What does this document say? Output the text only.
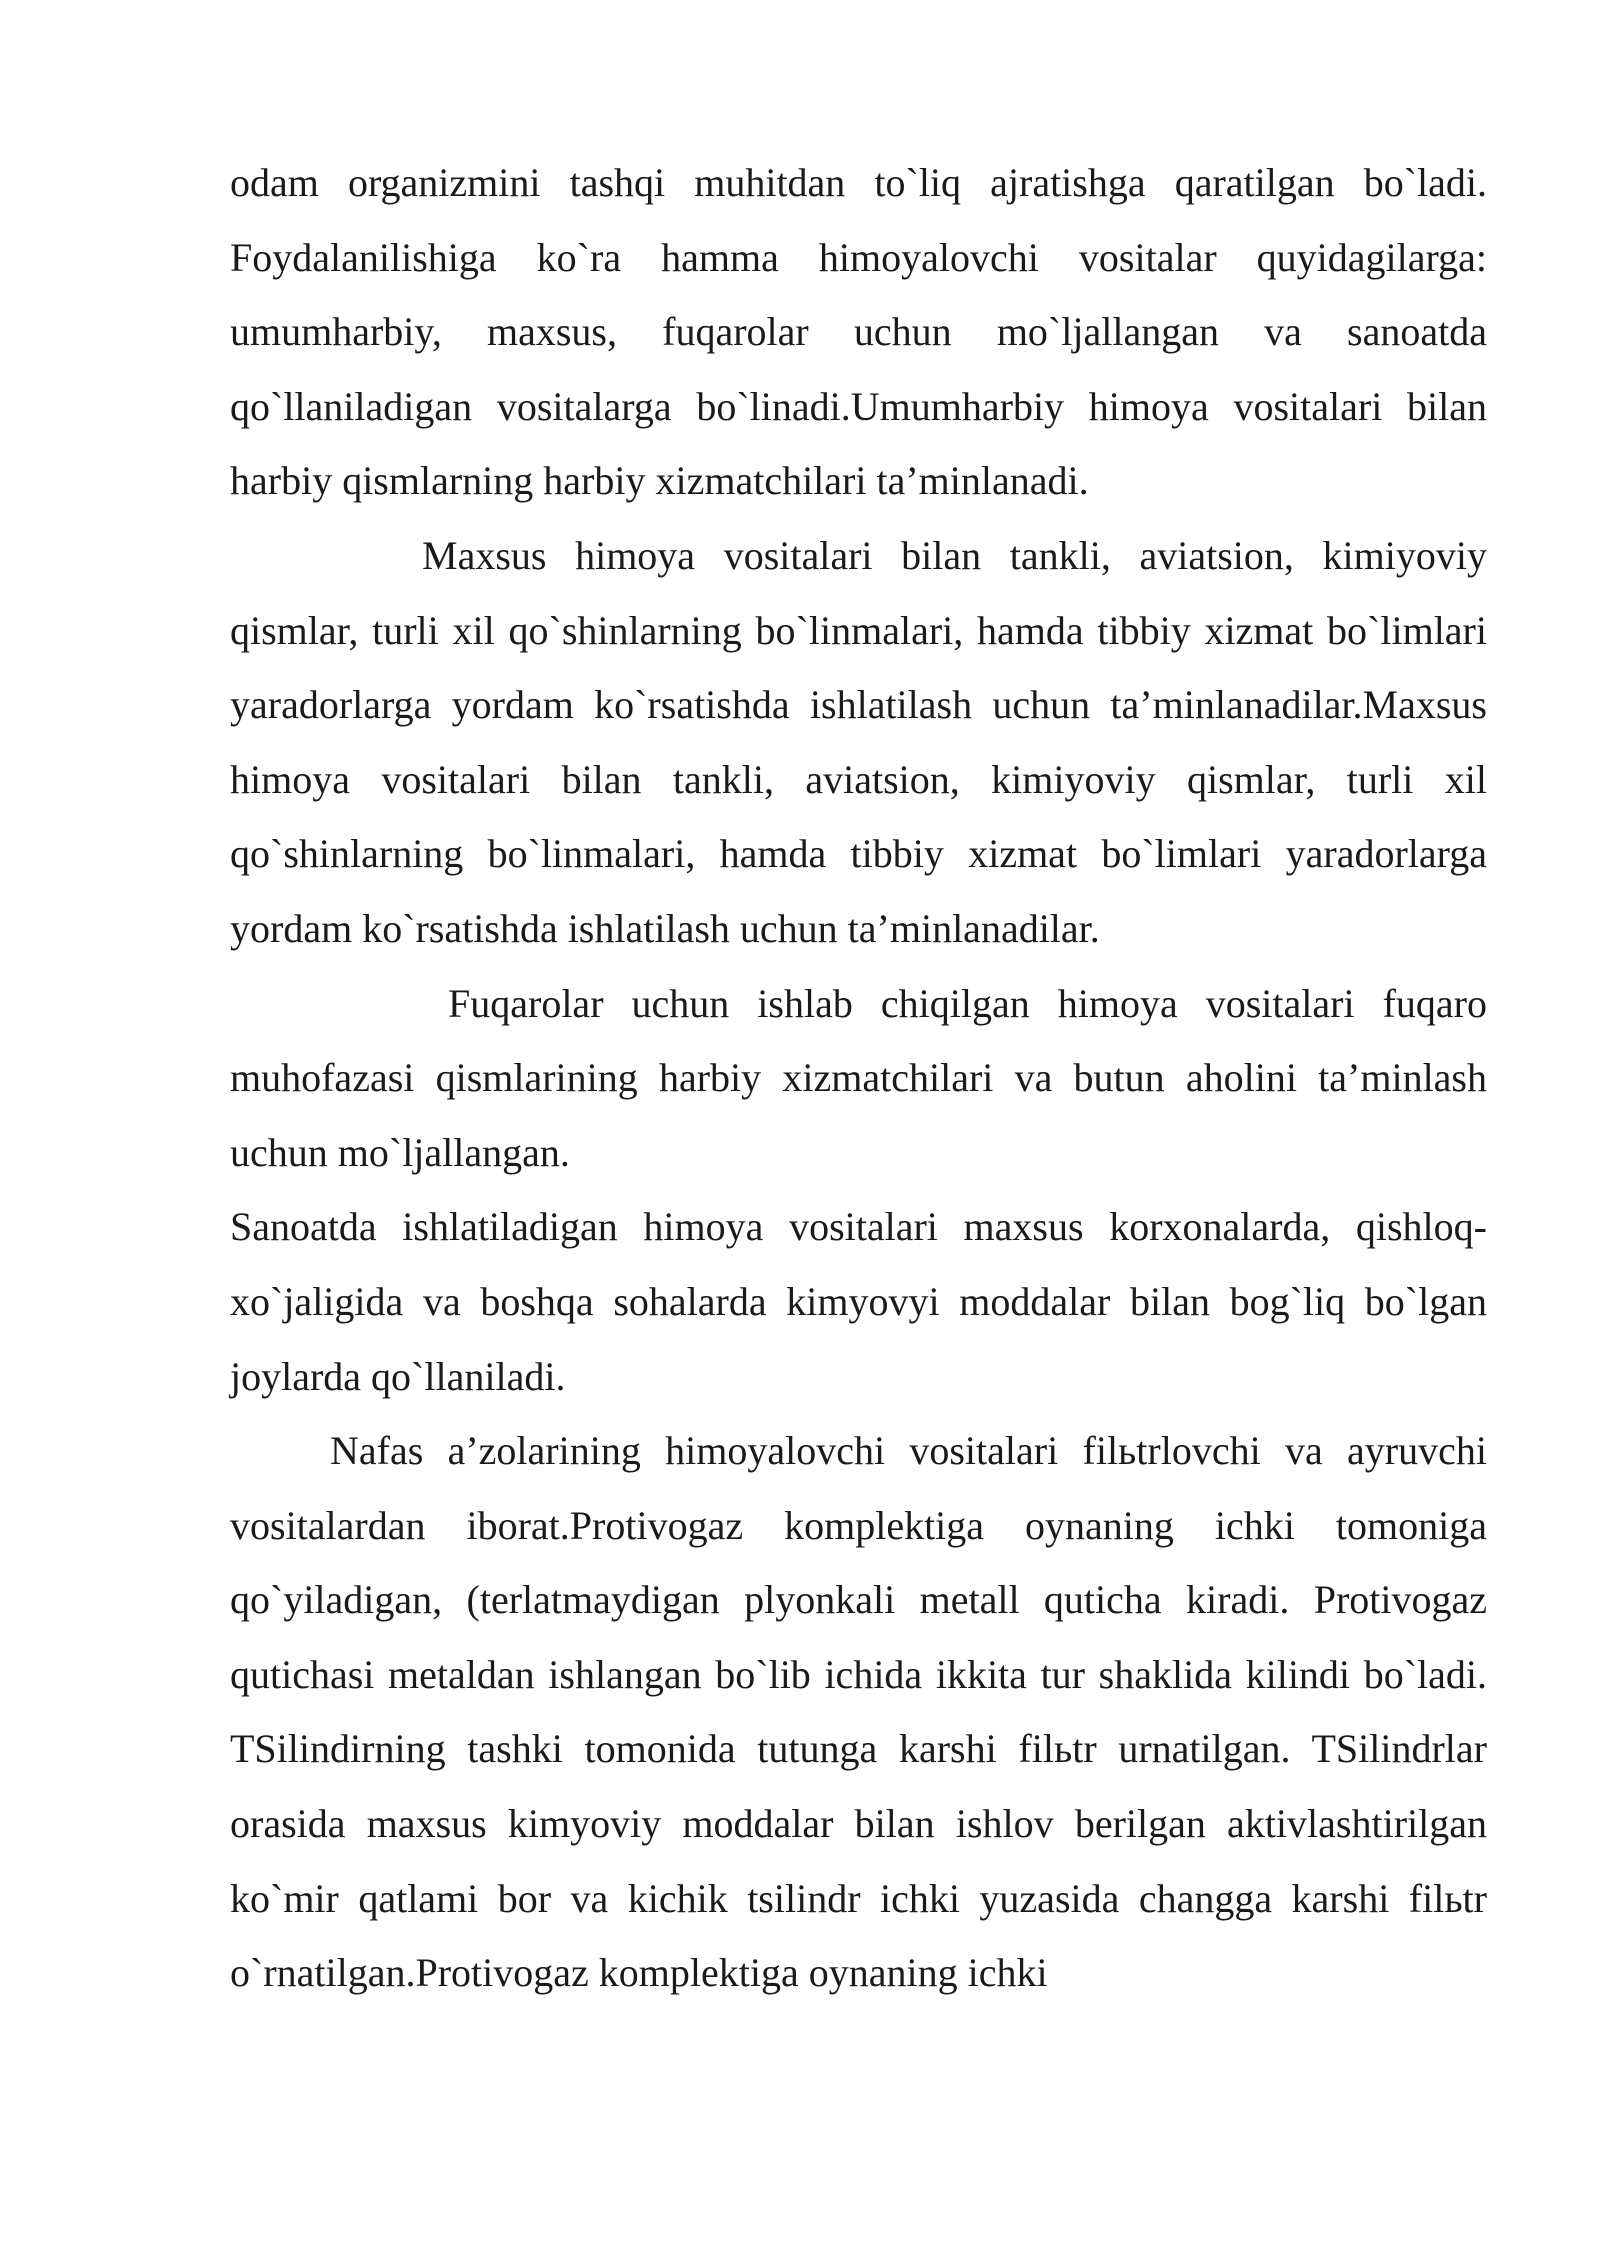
odam organizmini tashqi muhitdan to`liq ajratishga qaratilgan bo`ladi. Foydalanilishiga ko`ra hamma himoyalovchi vositalar quyidagilarga: umumharbiy, maxsus, fuqarolar uchun mo`ljallangan va sanoatda qo`llaniladigan vositalarga bo`linadi.Umumharbiy himoya vositalari bilan harbiy qismlarning harbiy xizmatchilari ta’minlanadi.

Maxsus himoya vositalari bilan tankli, aviatsion, kimiyoviy qismlar, turli xil qo`shinlarning bo`linmalari, hamda tibbiy xizmat bo`limlari yaradorlarga yordam ko`rsatishda ishlatilash uchun ta’minlanadilar.Maxsus himoya vositalari bilan tankli, aviatsion, kimiyoviy qismlar, turli xil qo`shinlarning bo`linmalari, hamda tibbiy xizmat bo`limlari yaradorlarga yordam ko`rsatishda ishlatilash uchun ta’minlanadilar.

Fuqarolar uchun ishlab chiqilgan himoya vositalari fuqaro muhofazasi qismlarining harbiy xizmatchilari va butun aholini ta’minlash uchun mo`ljallangan.

Sanoatda ishlatiladigan himoya vositalari maxsus korxonalarda, qishloq-xo`jaligida va boshqa sohalarda kimyovyi moddalar bilan bog`liq bo`lgan joylarda qo`llaniladi.

Nafas a’zolarining himoyalovchi vositalari filьtrlovchi va ayruvchi vositalardan iborat.Protivogaz komplektiga oynaning ichki tomoniga qo`yiladigan, (terlatmaydigan plyonkali metall quticha kiradi. Protivogaz qutichasi metaldan ishlangan bo`lib ichida ikkita tur shaklida kilindi bo`ladi. TSilindirning tashki tomonida tutunga karshi filьtr urnatilgan. TSilindrlar orasida maxsus kimyoviy moddalar bilan ishlov berilgan aktivlashtirilgan ko`mir qatlami bor va kichik tsilindr ichki yuzasida changga karshi filьtr o`rnatilgan.Protivogaz komplektiga oynaning ichki
